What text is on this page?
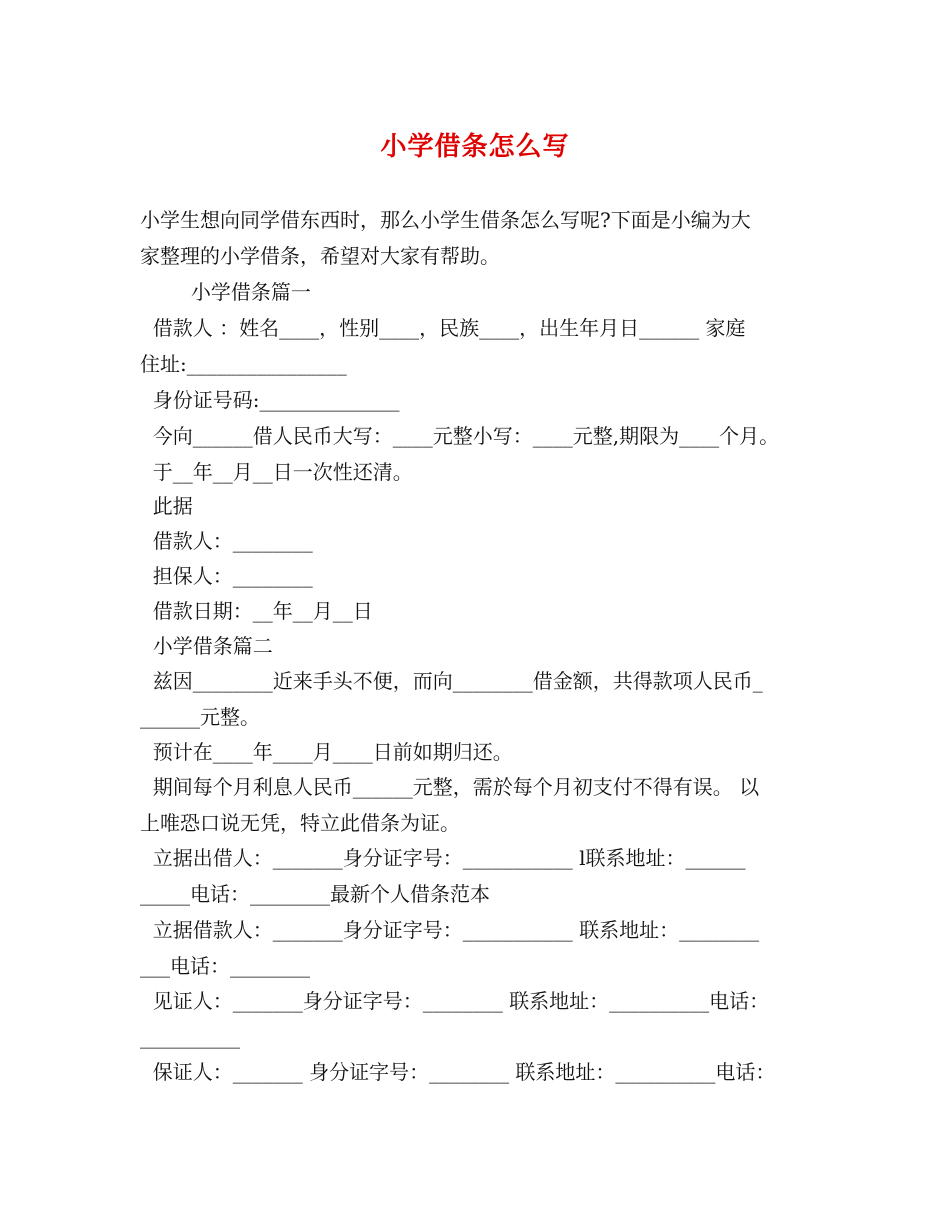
小学借条怎么写
小学生想向同学借东西时，那么小学生借条怎么写呢?下面是小编为大
家整理的小学借条，希望对大家有帮助。
小学借条篇一
借款人 ：姓名____，性别____，民族____，出生年月日______ 家庭
住址:________________
身份证号码:______________
今向______借人民币大写：____元整小写：____元整,期限为____个月。
于__年__月__日一次性还清。
此据
借款人：________
担保人：________
借款日期：__年__月__日
小学借条篇二
兹因________近来手头不便，而向________借金额，共得款项人民币_
______元整。
预计在____年____月____日前如期归还。
期间每个月利息人民币______元整，需於每个月初支付不得有误。 以
上唯恐口说无凭，特立此借条为证。
立据出借人：_______身分证字号：___________ l联系地址：______
_____电话：________最新个人借条范本
立据借款人：_______身分证字号：___________ 联系地址：________
___电话：________
见证人：_______身分证字号：________ 联系地址：__________电话：
__________
保证人：_______ 身分证字号：________ 联系地址：__________电话：
